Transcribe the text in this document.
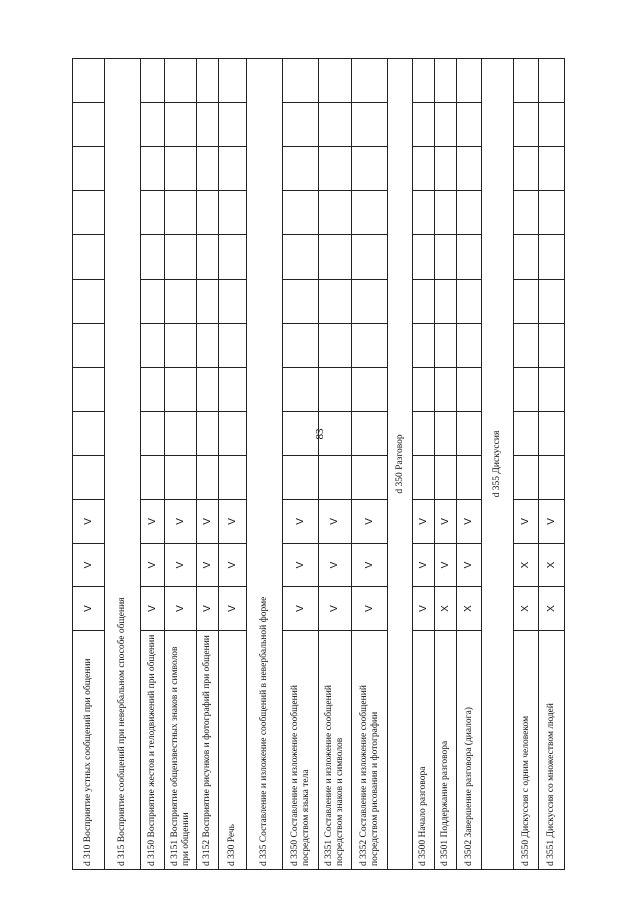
83
d 310 Восприятие устных сообщений при общении	V	V	V										
d 315 Восприятие сообщений при невербальном способе общения													
d 3150 Восприятие жестов и телодвижений при общении	V	V	V										
d 3151 Восприятие общеизвестных знаков и символов при общении	V	V	V										
d 3152 Восприятие рисунков и фотографий при общении	V	V	V										
d 330 Речь	V	V	V										
d 335 Составление и изложение сообщений в невербальной форме													
d 3350 Составление и изложение сообщений посредством языка тела	V	V	V										
d 3351 Составление и изложение сообщений посредством знаков и символов	V	V	V										
d 3352 Составление и изложение сообщений посредством рисования и фотографии	V	V	V										
d 350 Разговор													
d 3500 Начало разговора	V	V	V										
d 3501 Поддержание разговора	X	V	V										
d 3502 Завершение разговора (диалога)	X	V	V										
d 355 Дискуссия													
d 3550 Дискуссия с одним человеком	X	X	V										
d 3551 Дискуссия со множеством людей	X	X	V										
